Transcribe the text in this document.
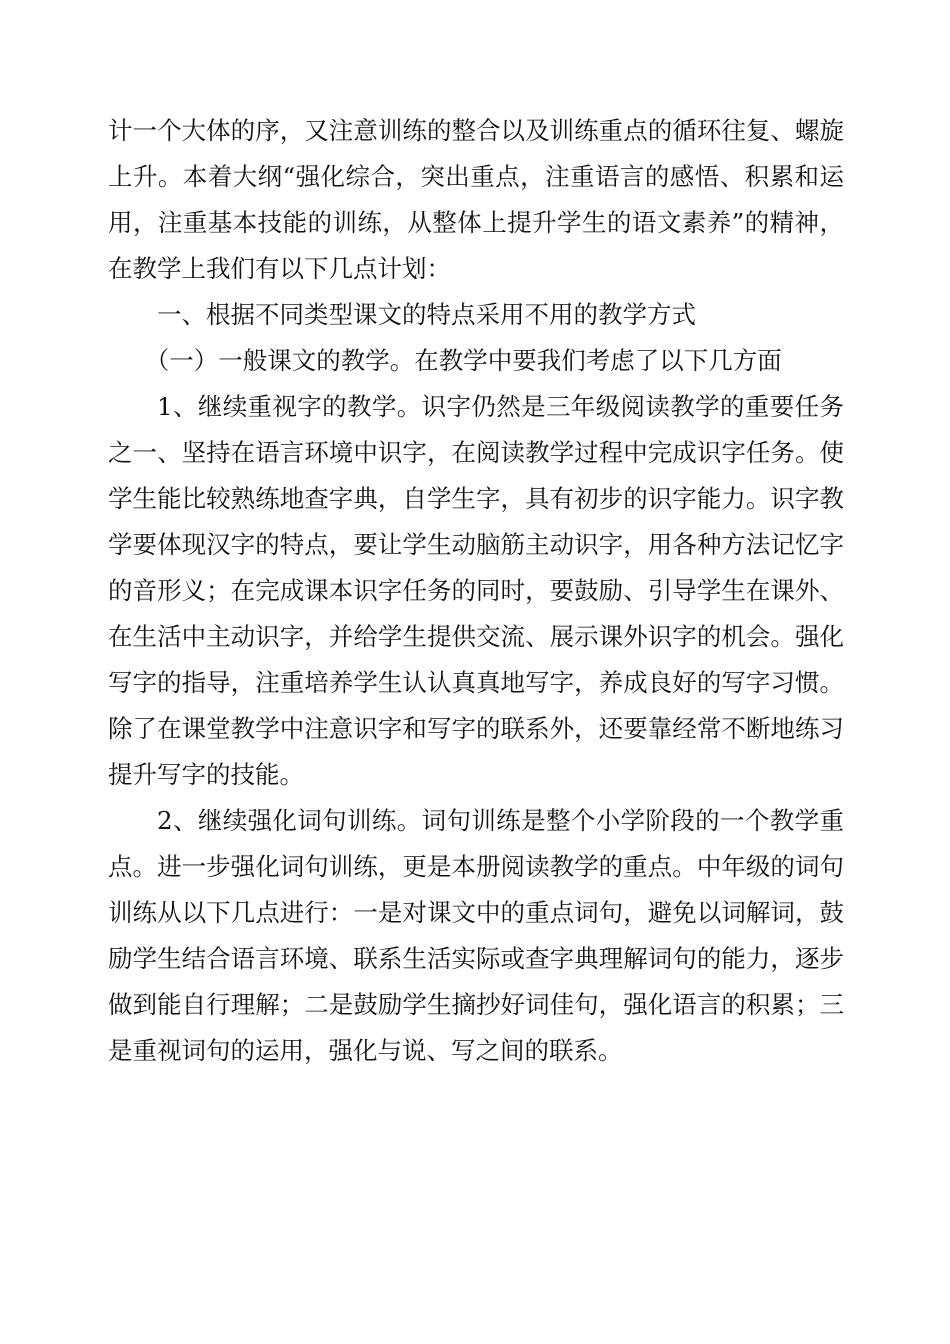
计一个大体的序，又注意训练的整合以及训练重点的循环往复、螺旋上升。本着大纲“强化综合，突出重点，注重语言的感悟、积累和运用，注重基本技能的训练，从整体上提升学生的语文素养”的精神，在教学上我们有以下几点计划：

一、根据不同类型课文的特点采用不用的教学方式

（一）一般课文的教学。在教学中要我们考虑了以下几方面

1、继续重视字的教学。识字仍然是三年级阅读教学的重要任务之一、坚持在语言环境中识字，在阅读教学过程中完成识字任务。使学生能比较熟练地查字典，自学生字，具有初步的识字能力。识字教学要体现汉字的特点，要让学生动脑筋主动识字，用各种方法记忆字的音形义；在完成课本识字任务的同时，要鼓励、引导学生在课外、在生活中主动识字，并给学生提供交流、展示课外识字的机会。强化写字的指导，注重培养学生认认真真地写字，养成良好的写字习惯。除了在课堂教学中注意识字和写字的联系外，还要靠经常不断地练习提升写字的技能。

2、继续强化词句训练。词句训练是整个小学阶段的一个教学重点。进一步强化词句训练，更是本册阅读教学的重点。中年级的词句训练从以下几点进行：一是对课文中的重点词句，避免以词解词，鼓励学生结合语言环境、联系生活实际或查字典理解词句的能力，逐步做到能自行理解；二是鼓励学生摘抄好词佳句，强化语言的积累；三是重视词句的运用，强化与说、写之间的联系。
